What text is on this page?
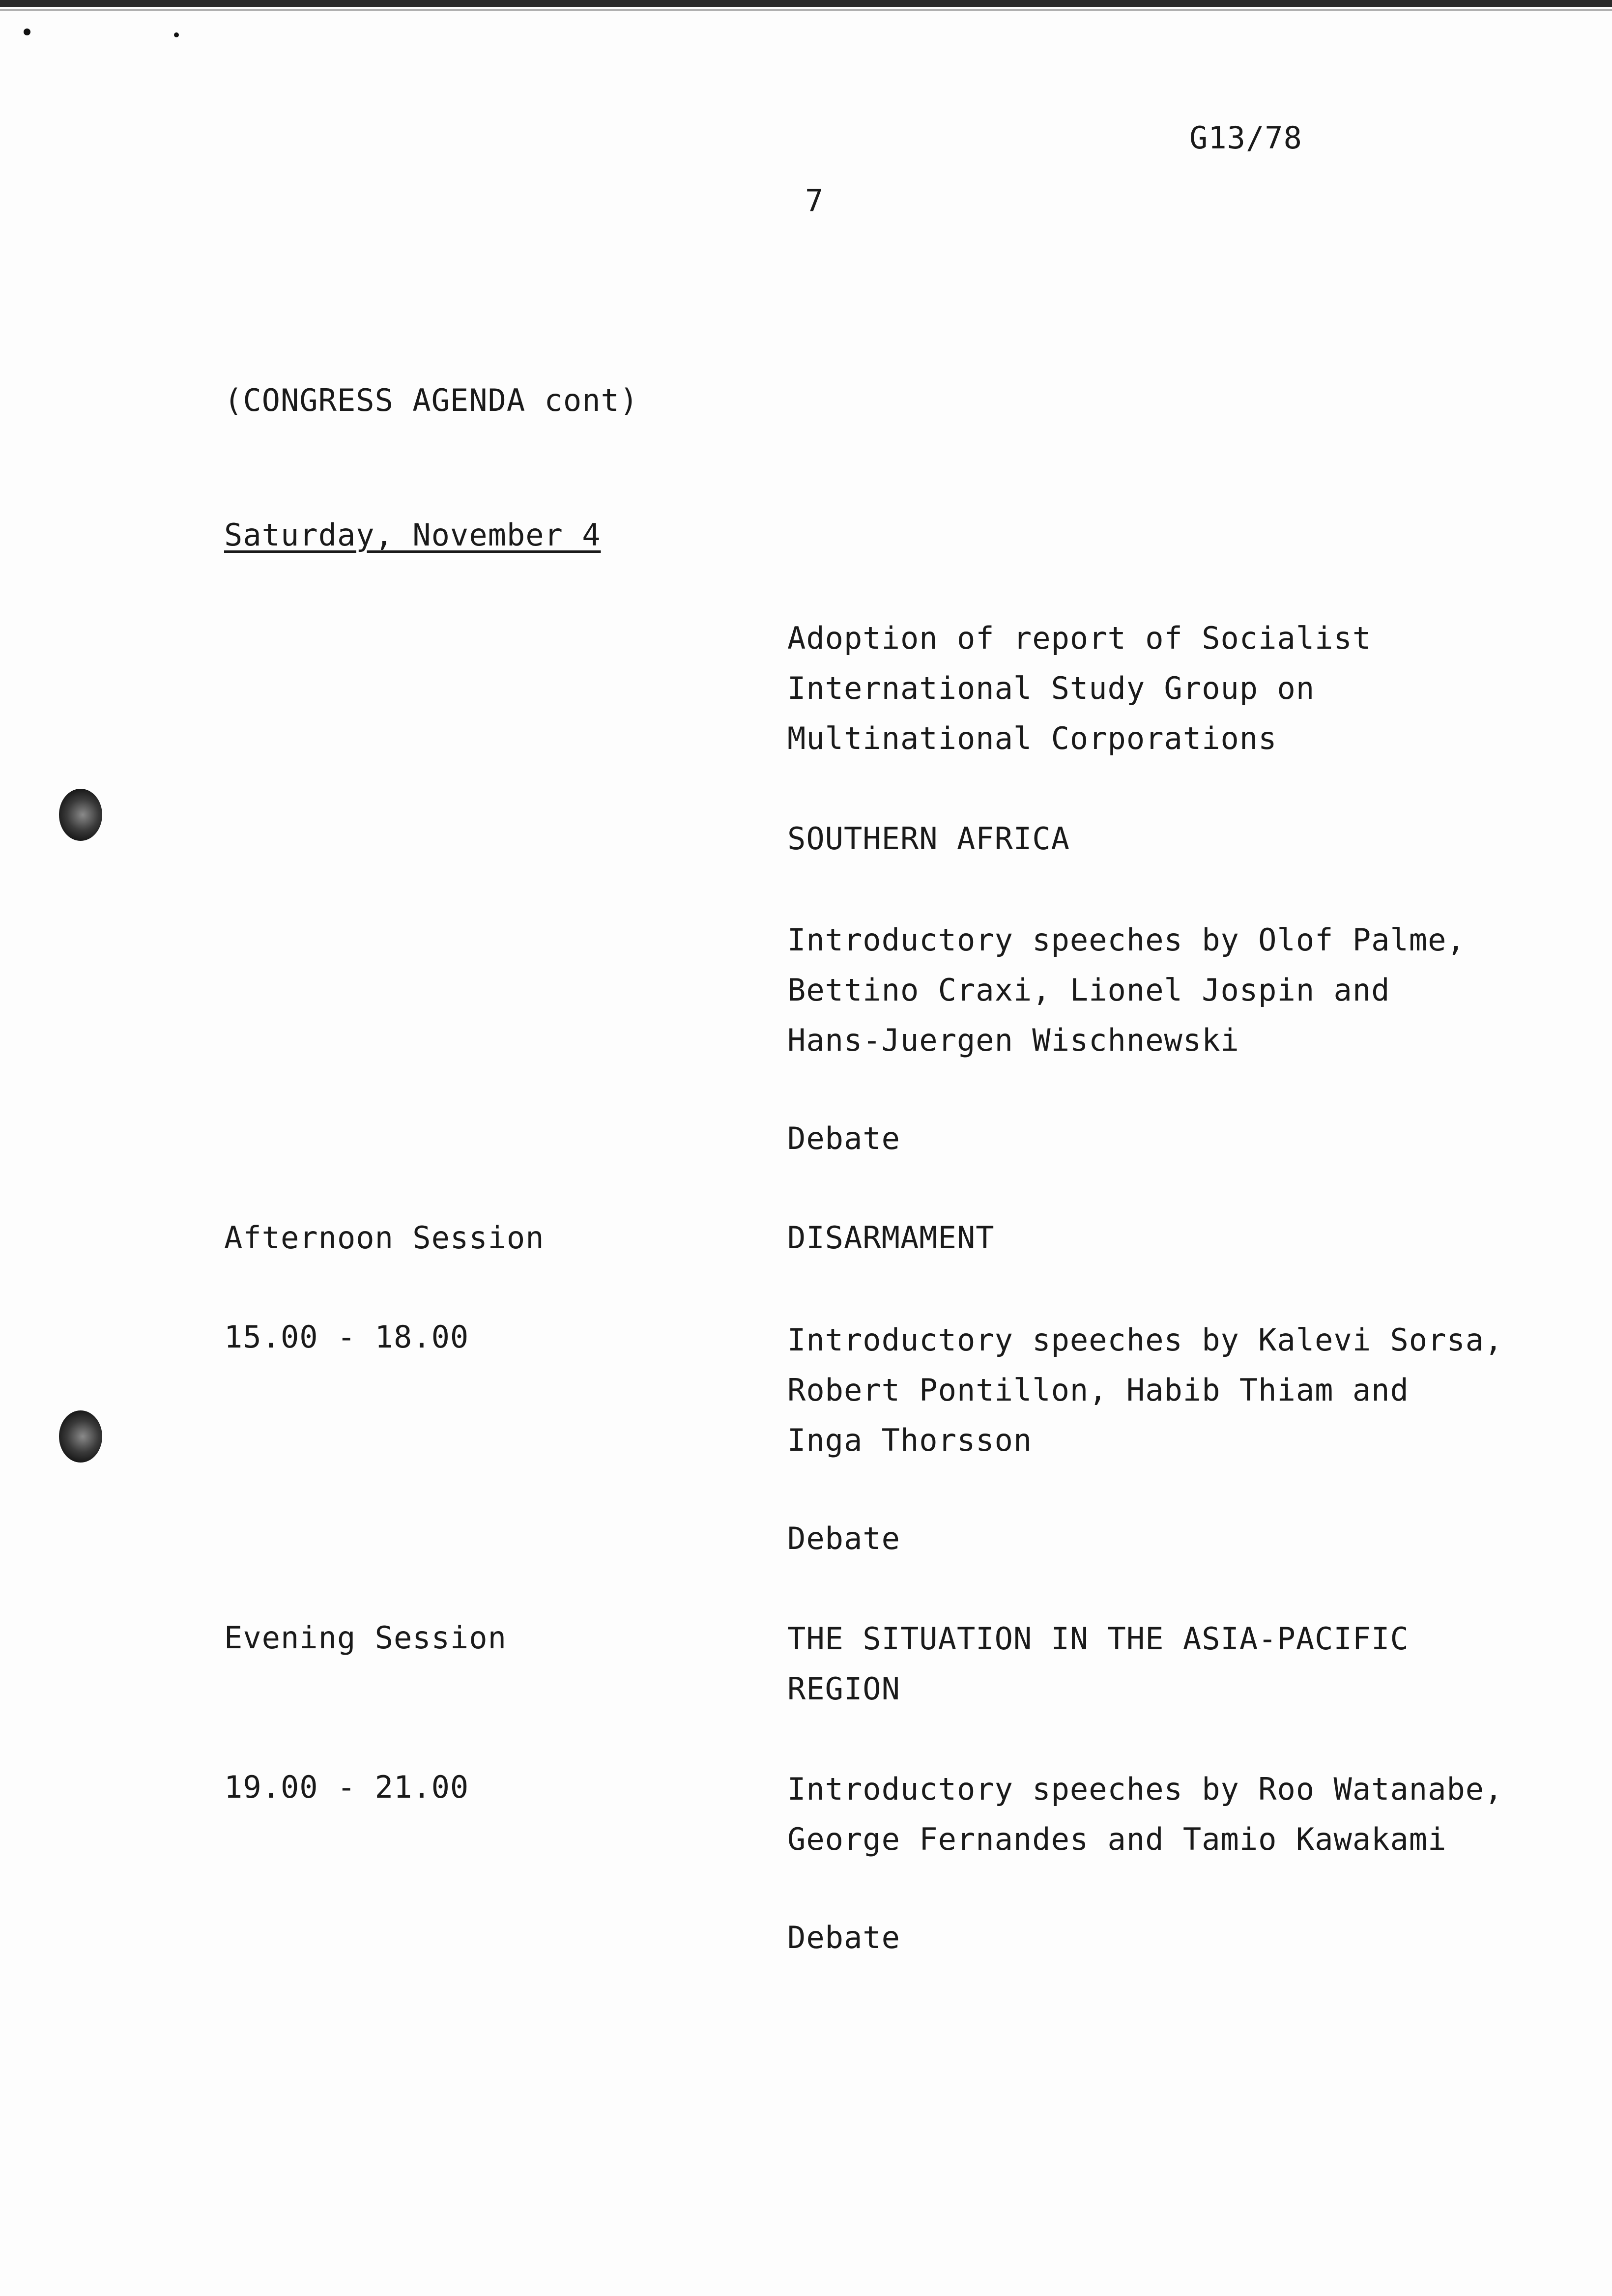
G13/78
7
(CONGRESS AGENDA cont)
Saturday, November 4
Adoption of report of Socialist
International Study Group on
Multinational Corporations
SOUTHERN AFRICA
Introductory speeches by Olof Palme,
Bettino Craxi, Lionel Jospin and
Hans-Juergen Wischnewski
Debate
Afternoon Session	DISARMAMENT
15.00 - 18.00	Introductory speeches by Kalevi Sorsa,
Robert Pontillon, Habib Thiam and
Inga Thorsson
Debate
Evening Session	THE SITUATION IN THE ASIA-PACIFIC
REGION
19.00 - 21.00	Introductory speeches by Roo Watanabe,
George Fernandes and Tamio Kawakami
Debate
